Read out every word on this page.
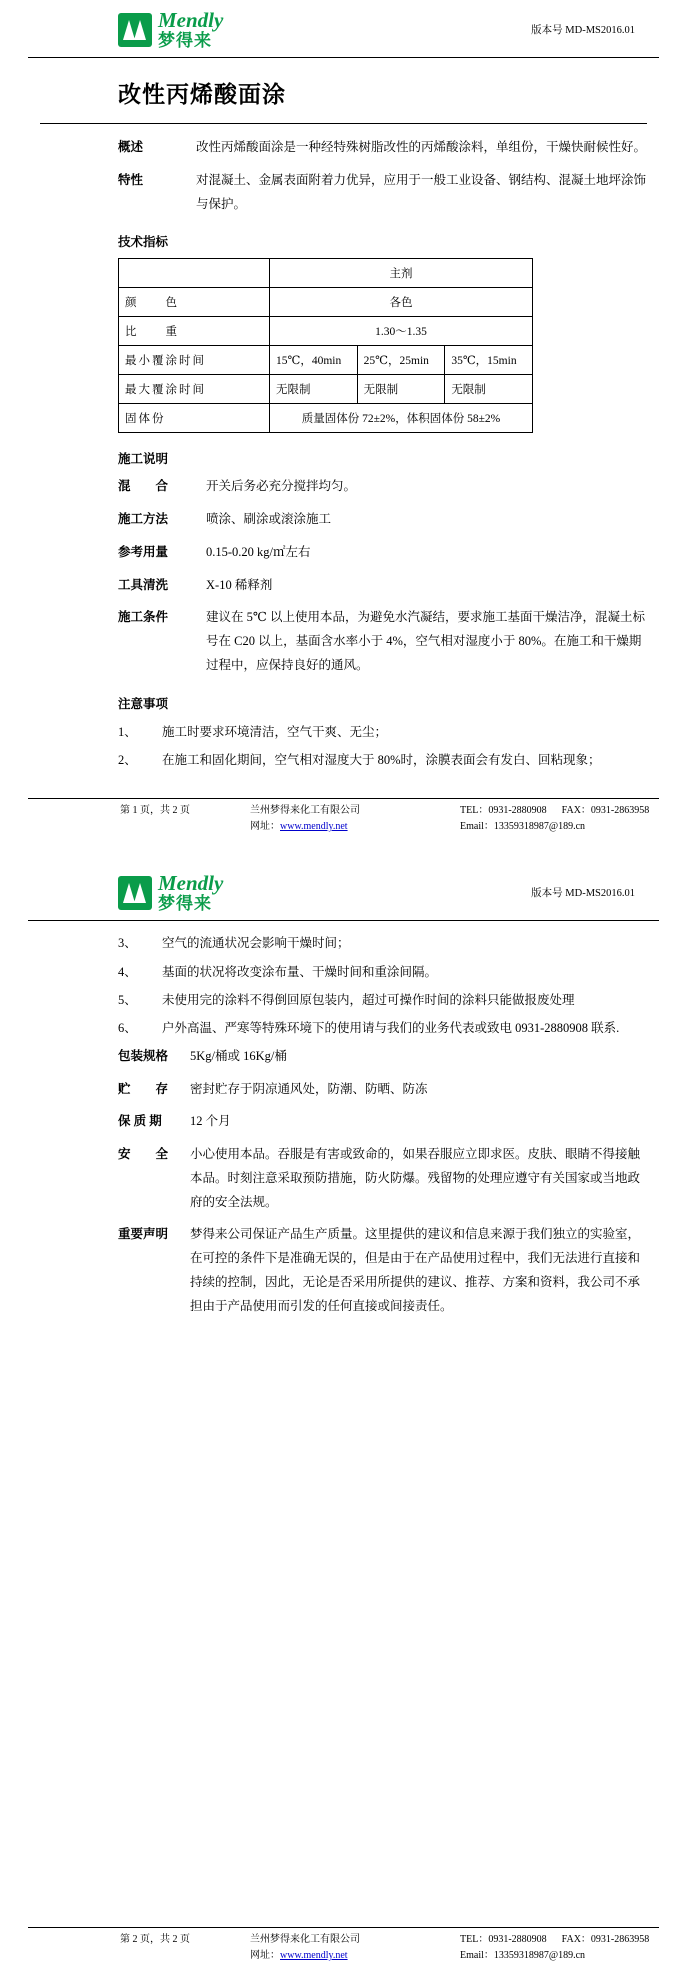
Mendly
梦得来
版本号 MD-MS2016.01
改性丙烯酸面涂
概述	改性丙烯酸面涂是一种经特殊树脂改性的丙烯酸涂料，单组份，干燥快耐候性好。
特性	对混凝土、金属表面附着力优异，应用于一般工业设备、钢结构、混凝土地坪涂饰与保护。
技术指标
	主剂		
颜　　色	各色		
比　　重	1.30～1.35		
最小覆涂时间	15℃，40min	25℃，25min	35℃，15min
最大覆涂时间	无限制	无限制	无限制
固体份	质量固体份 72±2%，体积固体份 58±2%		
施工说明
混　　合	开关后务必充分搅拌均匀。
施工方法	喷涂、刷涂或滚涂施工
参考用量	0.15-0.20 kg/㎡左右
工具清洗	X-10 稀释剂
施工条件	建议在 5℃ 以上使用本品，为避免水汽凝结，要求施工基面干燥洁净，混凝土标号在 C20 以上，基面含水率小于 4%，空气相对湿度小于 80%。在施工和干燥期过程中，应保持良好的通风。
注意事项
1、	施工时要求环境清洁，空气干爽、无尘；
2、	在施工和固化期间，空气相对湿度大于 80%时，涂膜表面会有发白、回粘现象；
第 1 页，共 2 页	兰州梦得来化工有限公司	TEL：0931-2880908 FAX：0931-2863958

网址：www.mendly.net	Email：13359318987@189.cn
Mendly
梦得来
版本号 MD-MS2016.01
3、	空气的流通状况会影响干燥时间；
4、	基面的状况将改变涂布量、干燥时间和重涂间隔。
5、	未使用完的涂料不得倒回原包装内，超过可操作时间的涂料只能做报废处理
6、	户外高温、严寒等特殊环境下的使用请与我们的业务代表或致电 0931-2880908 联系.
包装规格	5Kg/桶或 16Kg/桶
贮　　存	密封贮存于阴凉通风处，防潮、防晒、防冻
保 质 期	12 个月
安　　全	小心使用本品。吞服是有害或致命的，如果吞服应立即求医。皮肤、眼睛不得接触本品。时刻注意采取预防措施，防火防爆。残留物的处理应遵守有关国家或当地政府的安全法规。
重要声明	梦得来公司保证产品生产质量。这里提供的建议和信息来源于我们独立的实验室，在可控的条件下是准确无误的，但是由于在产品使用过程中，我们无法进行直接和持续的控制，因此，无论是否采用所提供的建议、推荐、方案和资料，我公司不承担由于产品使用而引发的任何直接或间接责任。
第 2 页，共 2 页	兰州梦得来化工有限公司	TEL：0931-2880908 FAX：0931-2863958

网址：www.mendly.net	Email：13359318987@189.cn
